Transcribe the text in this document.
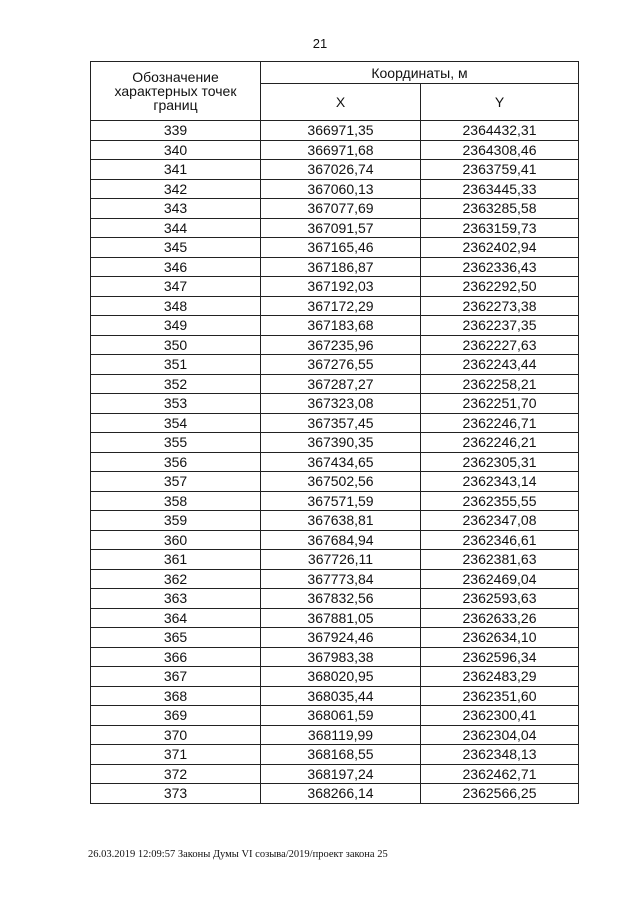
21
Обозначение характерных точек границ	Координаты, м	
	X	Y
339	366971,35	2364432,31
340	366971,68	2364308,46
341	367026,74	2363759,41
342	367060,13	2363445,33
343	367077,69	2363285,58
344	367091,57	2363159,73
345	367165,46	2362402,94
346	367186,87	2362336,43
347	367192,03	2362292,50
348	367172,29	2362273,38
349	367183,68	2362237,35
350	367235,96	2362227,63
351	367276,55	2362243,44
352	367287,27	2362258,21
353	367323,08	2362251,70
354	367357,45	2362246,71
355	367390,35	2362246,21
356	367434,65	2362305,31
357	367502,56	2362343,14
358	367571,59	2362355,55
359	367638,81	2362347,08
360	367684,94	2362346,61
361	367726,11	2362381,63
362	367773,84	2362469,04
363	367832,56	2362593,63
364	367881,05	2362633,26
365	367924,46	2362634,10
366	367983,38	2362596,34
367	368020,95	2362483,29
368	368035,44	2362351,60
369	368061,59	2362300,41
370	368119,99	2362304,04
371	368168,55	2362348,13
372	368197,24	2362462,71
373	368266,14	2362566,25
26.03.2019 12:09:57 Законы Думы VI созыва/2019/проект закона 25
